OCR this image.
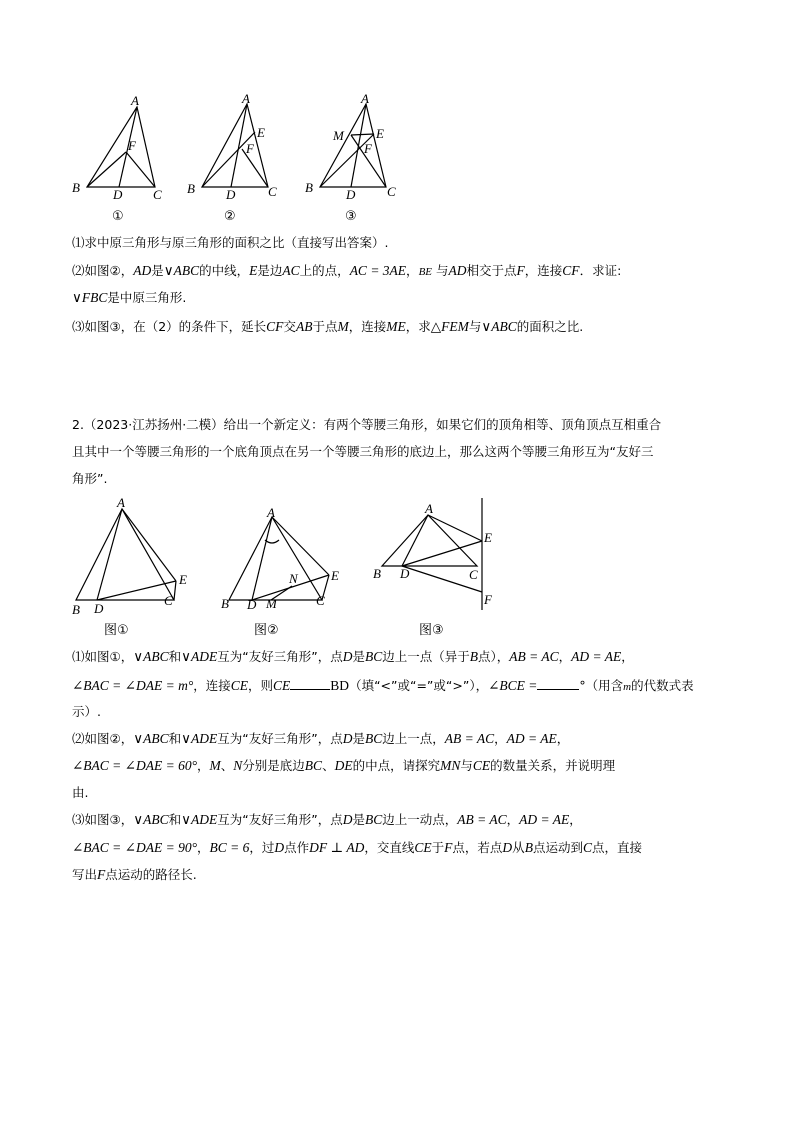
A
B	C
D
F
①
A
B	C
D
E
F
②
A
B	C
D
E
F
M
③
⑴求中原三角形与原三角形的面积之比（直接写出答案）.
⑵如图②，AD是∨ABC的中线，E是边AC上的点，AC = 3AE，BE 与AD相交于点F，连接CF．求证:
∨FBC是中原三角形.
⑶如图③，在（2）的条件下，延长CF交AB于点M，连接ME，求△FEM与∨ABC的面积之比.
2.（2023·江苏扬州·二模）给出一个新定义：有两个等腰三角形，如果它们的顶角相等、顶角顶点互相重合
且其中一个等腰三角形的一个底角顶点在另一个等腰三角形的底边上，那么这两个等腰三角形互为“友好三
角形”.
A
B
C
D
E
图①
A
B	C
D
E
M
N
图②
A
B	C
D
E
F
图③
⑴如图①，∨ABC和∨ADE互为“友好三角形”，点D是BC边上一点（异于B点），AB = AC，AD = AE，
∠BAC = ∠DAE = m°，连接CE，则CE	BD（填“<”或“=”或“>”），∠BCE =	°（用含m的代数式表
示）.
⑵如图②，∨ABC和∨ADE互为“友好三角形”，点D是BC边上一点，AB = AC，AD = AE，
∠BAC = ∠DAE = 60°，M、N分别是底边BC、DE的中点，请探究MN与CE的数量关系，并说明理
由.
⑶如图③，∨ABC和∨ADE互为“友好三角形”，点D是BC边上一动点，AB = AC，AD = AE，
∠BAC = ∠DAE = 90°，BC = 6，过D点作DF ⊥ AD，交直线CE于F点，若点D从B点运动到C点，直接
写出F点运动的路径长.
